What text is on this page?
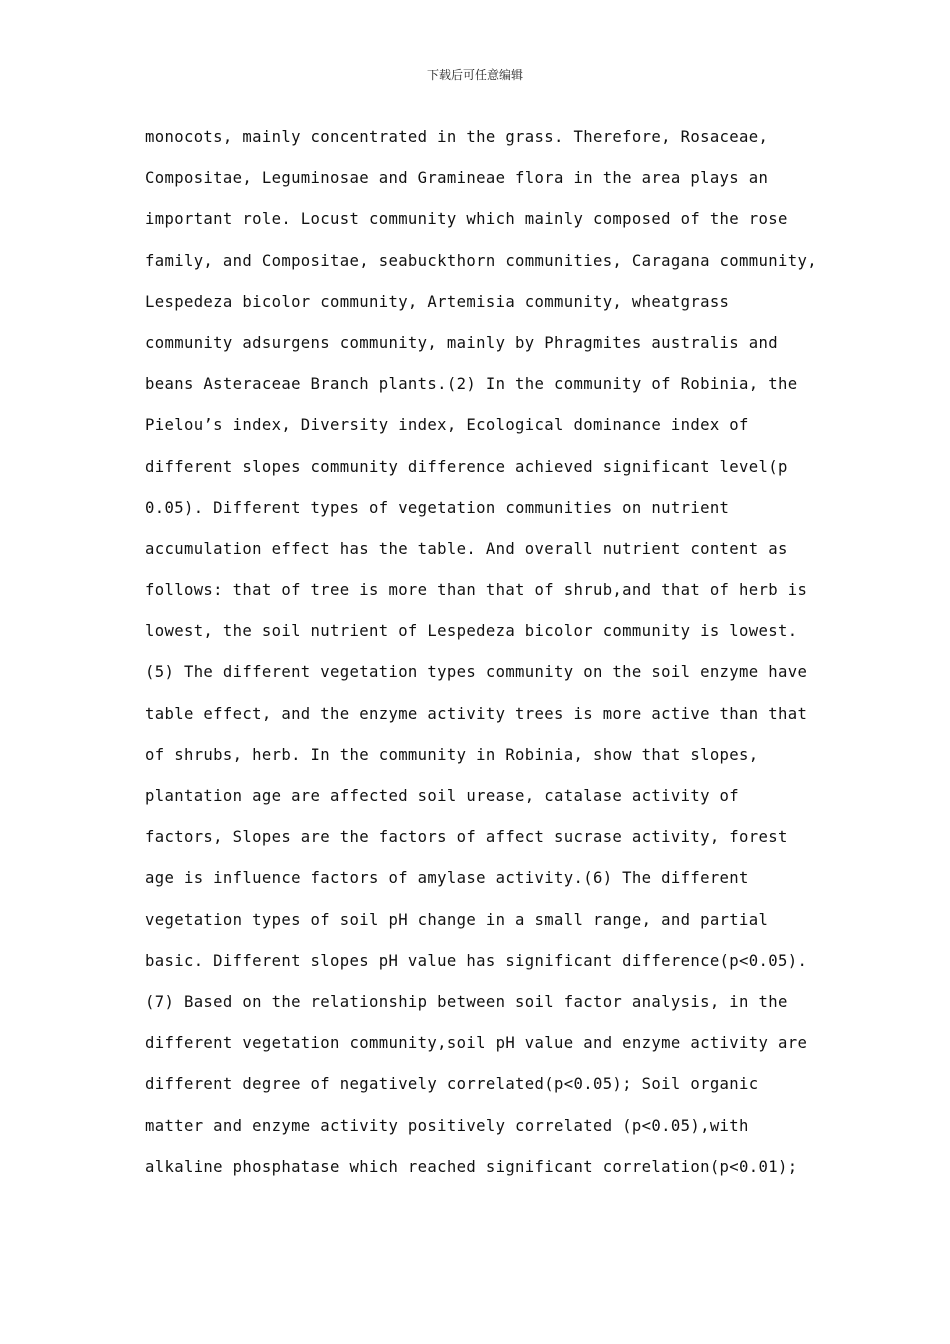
下载后可任意编辑
monocots, mainly concentrated in the grass. Therefore, Rosaceae,
Compositae, Leguminosae and Gramineae flora in the area plays an
important role. Locust community which mainly composed of the rose
family, and Compositae, seabuckthorn communities, Caragana community,
Lespedeza bicolor community, Artemisia community, wheatgrass
community adsurgens community, mainly by Phragmites australis and
beans Asteraceae Branch plants.(2) In the community of Robinia, the
Pielou’s index, Diversity index, Ecological dominance index of
different slopes community difference achieved significant level(p
0.05). Different types of vegetation communities on nutrient
accumulation effect has the table. And overall nutrient content as
follows: that of tree is more than that of shrub,and that of herb is
lowest, the soil nutrient of Lespedeza bicolor community is lowest.
(5) The different vegetation types community on the soil enzyme have
table effect, and the enzyme activity trees is more active than that
of shrubs, herb. In the community in Robinia, show that slopes,
plantation age are affected soil urease, catalase activity of
factors, Slopes are the factors of affect sucrase activity, forest
age is influence factors of amylase activity.(6) The different
vegetation types of soil pH change in a small range, and partial
basic. Different slopes pH value has significant difference(p<0.05).
(7) Based on the relationship between soil factor analysis, in the
different vegetation community,soil pH value and enzyme activity are
different degree of negatively correlated(p<0.05); Soil organic
matter and enzyme activity positively correlated (p<0.05),with
alkaline phosphatase which reached significant correlation(p<0.01);
